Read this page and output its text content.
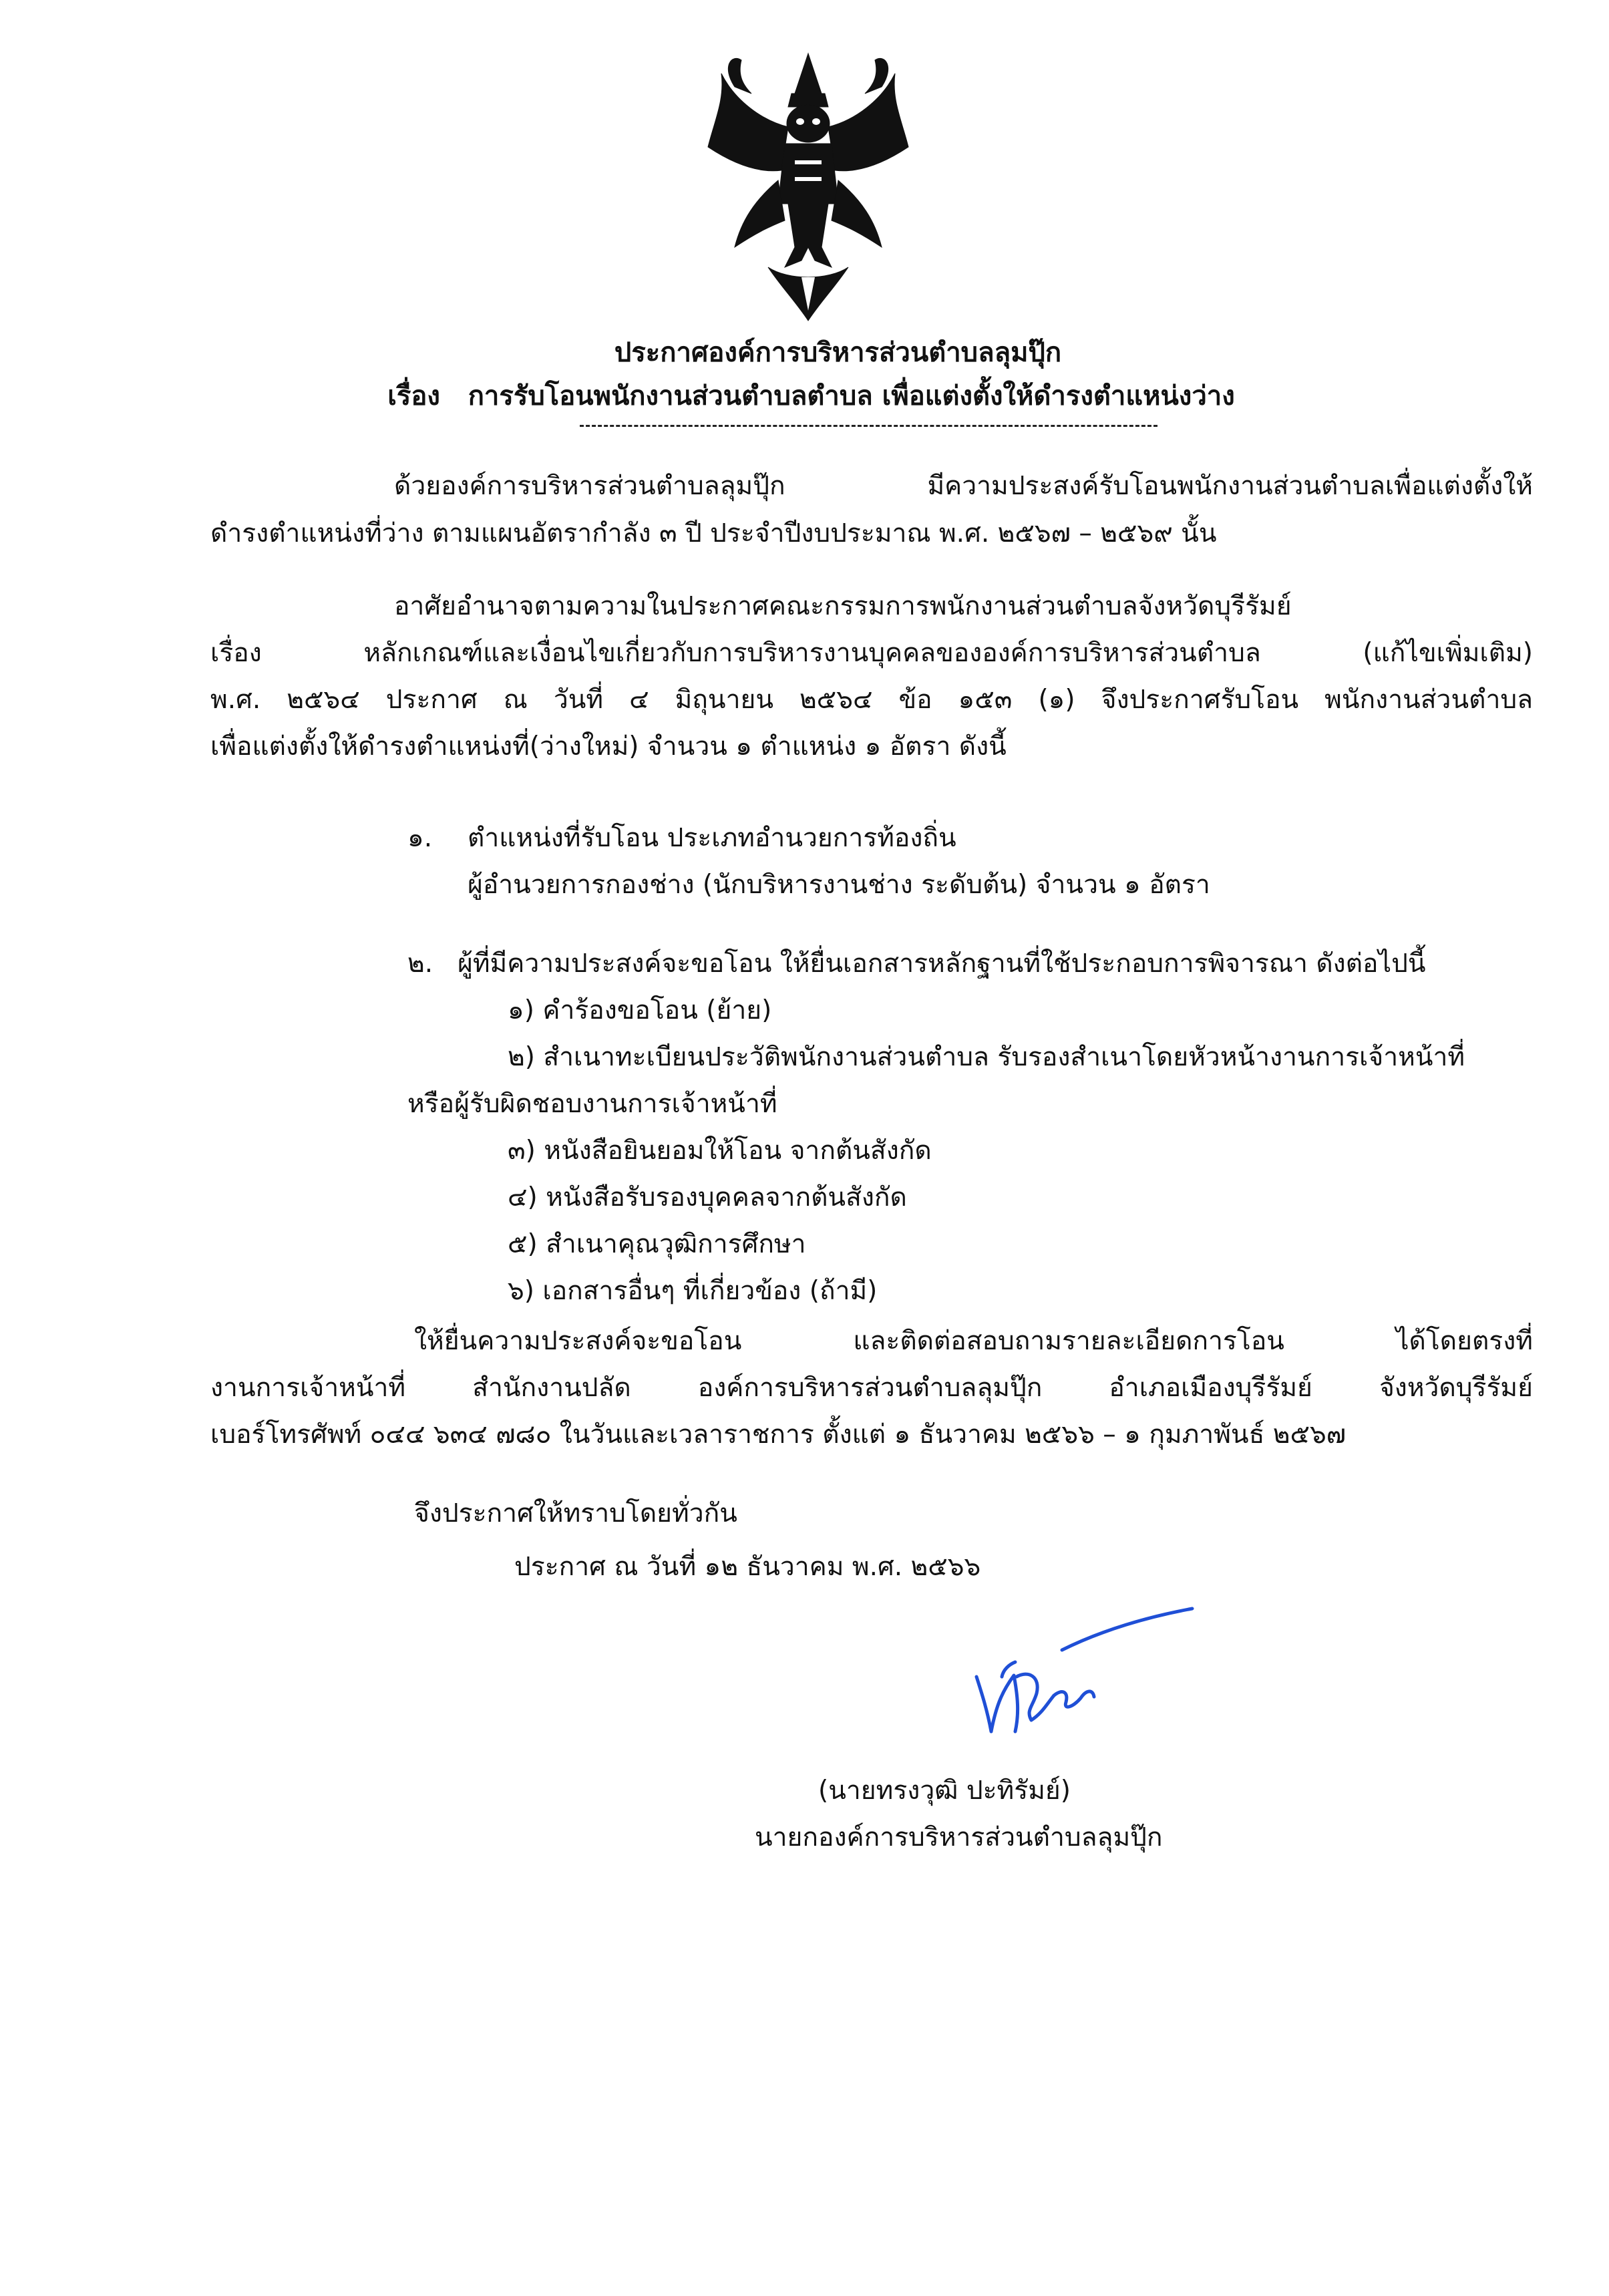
ประกาศองค์การบริหารส่วนตำบลลุมปุ๊ก
เรื่อง การรับโอนพนักงานส่วนตำบลตำบล เพื่อแต่งตั้งให้ดำรงตำแหน่งว่าง
ด้วยองค์การบริหารส่วนตำบลลุมปุ๊ก มีความประสงค์รับโอนพนักงานส่วนตำบลเพื่อแต่งตั้งให้
ดำรงตำแหน่งที่ว่าง ตามแผนอัตรากำลัง ๓ ปี ประจำปีงบประมาณ พ.ศ. ๒๕๖๗ – ๒๕๖๙ นั้น
อาศัยอำนาจตามความในประกาศคณะกรรมการพนักงานส่วนตำบลจังหวัดบุรีรัมย์
เรื่อง หลักเกณฑ์และเงื่อนไขเกี่ยวกับการบริหารงานบุคคลขององค์การบริหารส่วนตำบล (แก้ไขเพิ่มเติม)
พ.ศ. ๒๕๖๔ ประกาศ ณ วันที่ ๔ มิถุนายน ๒๕๖๔ ข้อ ๑๕๓ (๑) จึงประกาศรับโอน พนักงานส่วนตำบล
เพื่อแต่งตั้งให้ดำรงตำแหน่งที่(ว่างใหม่) จำนวน ๑ ตำแหน่ง ๑ อัตรา ดังนี้
๑. ตำแหน่งที่รับโอน ประเภทอำนวยการท้องถิ่น
ผู้อำนวยการกองช่าง (นักบริหารงานช่าง ระดับต้น) จำนวน ๑ อัตรา
๒. ผู้ที่มีความประสงค์จะขอโอน ให้ยื่นเอกสารหลักฐานที่ใช้ประกอบการพิจารณา ดังต่อไปนี้
๑) คำร้องขอโอน (ย้าย)
๒) สำเนาทะเบียนประวัติพนักงานส่วนตำบล รับรองสำเนาโดยหัวหน้างานการเจ้าหน้าที่
หรือผู้รับผิดชอบงานการเจ้าหน้าที่
๓) หนังสือยินยอมให้โอน จากต้นสังกัด
๔) หนังสือรับรองบุคคลจากต้นสังกัด
๕) สำเนาคุณวุฒิการศึกษา
๖) เอกสารอื่นๆ ที่เกี่ยวข้อง (ถ้ามี)
ให้ยื่นความประสงค์จะขอโอน และติดต่อสอบถามรายละเอียดการโอน ได้โดยตรงที่
งานการเจ้าหน้าที่ สำนักงานปลัด องค์การบริหารส่วนตำบลลุมปุ๊ก อำเภอเมืองบุรีรัมย์ จังหวัดบุรีรัมย์
เบอร์โทรศัพท์ ๐๔๔ ๖๓๔ ๗๘๐ ในวันและเวลาราชการ ตั้งแต่ ๑ ธันวาคม ๒๕๖๖ – ๑ กุมภาพันธ์ ๒๕๖๗
จึงประกาศให้ทราบโดยทั่วกัน
ประกาศ ณ วันที่ ๑๒ ธันวาคม พ.ศ. ๒๕๖๖
(นายทรงวุฒิ ปะทิรัมย์)
นายกองค์การบริหารส่วนตำบลลุมปุ๊ก
